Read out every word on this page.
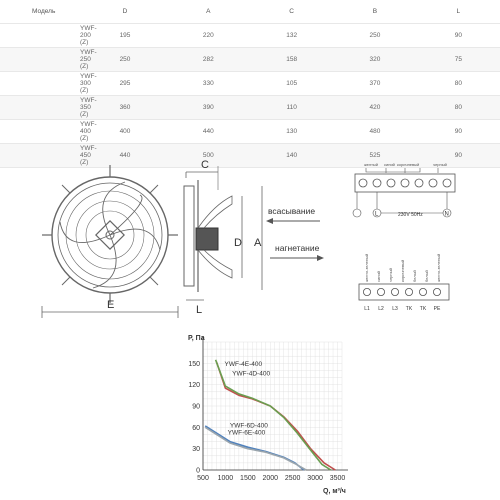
Модель	D	A	C	B	L
YWF-200 (Z)	195	220	132	250	90
YWF-250 (Z)	250	282	158	320	75
YWF-300 (Z)	295	330	105	370	80
YWF-350 (Z)	360	390	110	420	80
YWF-400 (Z)	400	440	130	480	90
YWF-450 (Z)	440	500	140	525	90
E
C
D A
L
всасывание
нагнетание
желтый синий коричневый	черный
L	N
230V 50Hz
желто-зеленый синий черный коричневый белый белый желто-зеленый
L1 L2 L3 TK TK PE
500 1000 1500 2000 2500 3000 3500
0
30
60
90
120
150	YWF-4E-400
YWF-4D-400
YWF-6D-400
YWF-6E-400
P, Па
Q, м³/ч
